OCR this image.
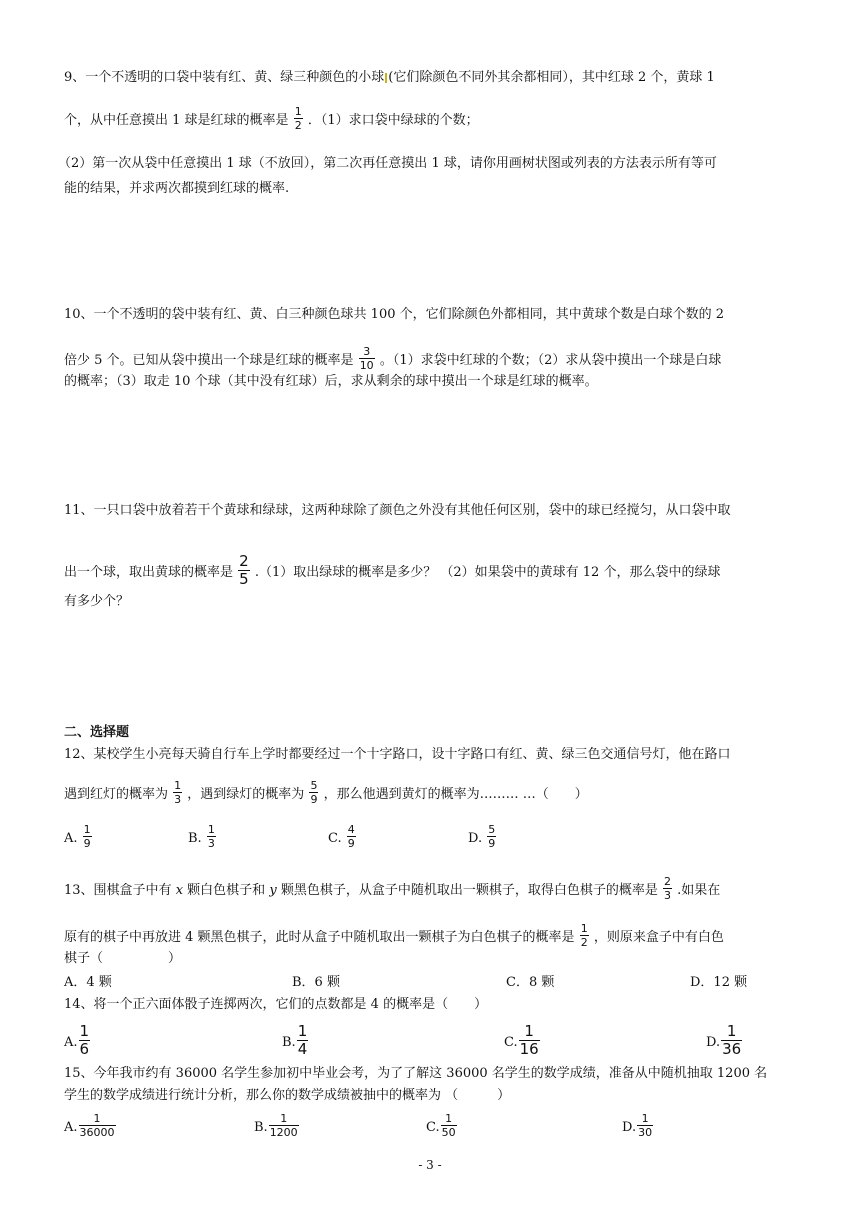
9、一个不透明的口袋中装有红、黄、绿三种颜色的小球 (它们除颜色不同外其余都相同），其中红球 2 个，黄球 1
个，从中任意摸出 1 球是红球的概率是 $\frac{1}{2}$ ．（1）求口袋中绿球的个数；
（2）第一次从袋中任意摸出 1 球（不放回），第二次再任意摸出 1 球，请你用画树状图或列表的方法表示所有等可
能的结果，并求两次都摸到红球的概率.
10、一个不透明的袋中装有红、黄、白三种颜色球共 100 个，它们除颜色外都相同，其中黄球个数是白球个数的 2
倍少 5 个。已知从袋中摸出一个球是红球的概率是 $\frac{3}{10}$ 。（1）求袋中红球的个数；（2）求从袋中摸出一个球是白球
的概率；（3）取走 10 个球（其中没有红球）后，求从剩余的球中摸出一个球是红球的概率。
11、一只口袋中放着若干个黄球和绿球，这两种球除了颜色之外没有其他任何区别，袋中的球已经搅匀，从口袋中取
出一个球，取出黄球的概率是 $\frac{2}{5} .(1)$取出绿球的概率是多少？ （2）如果袋中的黄球有 12 个，那么袋中的绿球
有多少个？
二、选择题
12、某校学生小亮每天骑自行车上学时都要经过一个十字路口，设十字路口有红、黄、绿三色交通信号灯，他在路口
遇到红灯的概率为 $\frac{1}{3}$ ，遇到绿灯的概率为 $\frac{5}{9}$ ，那么他遇到黄灯的概率为……… …（　　）
A. $\frac{1}{9}$	B. $\frac{1}{3}$	C. $\frac{4}{9}$	D. $\frac{5}{9}$
13、围棋盒子中有 x 颗白色棋子和 y 颗黑色棋子，从盒子中随机取出一颗棋子，取得白色棋子的概率是 $\frac{2}{3}$ .如果在
原有的棋子中再放进 4 颗黑色棋子，此时从盒子中随机取出一颗棋子为白色棋子的概率是 $\frac{1}{2}$ ，则原来盒子中有白色
棋子（　　　　　）
A．4 颗	B．6 颗	C．8 颗	D．12 颗
14、将一个正六面体骰子连掷两次，它们的点数都是 4 的概率是（　　）
A. $\frac{1}{6}$	B. $\frac{1}{4}$	C. $\frac{1}{16}$	D. $\frac{1}{36}$
15、今年我市约有 36000 名学生参加初中毕业会考，为了了解这 36000 名学生的数学成绩，准备从中随机抽取 1200 名
学生的数学成绩进行统计分析，那么你的数学成绩被抽中的概率为 （　　　）
A. $\frac{1}{36000}$	B. $\frac{1}{1200}$	C. $\frac{1}{50}$	D. $\frac{1}{30}$
- 3 -
